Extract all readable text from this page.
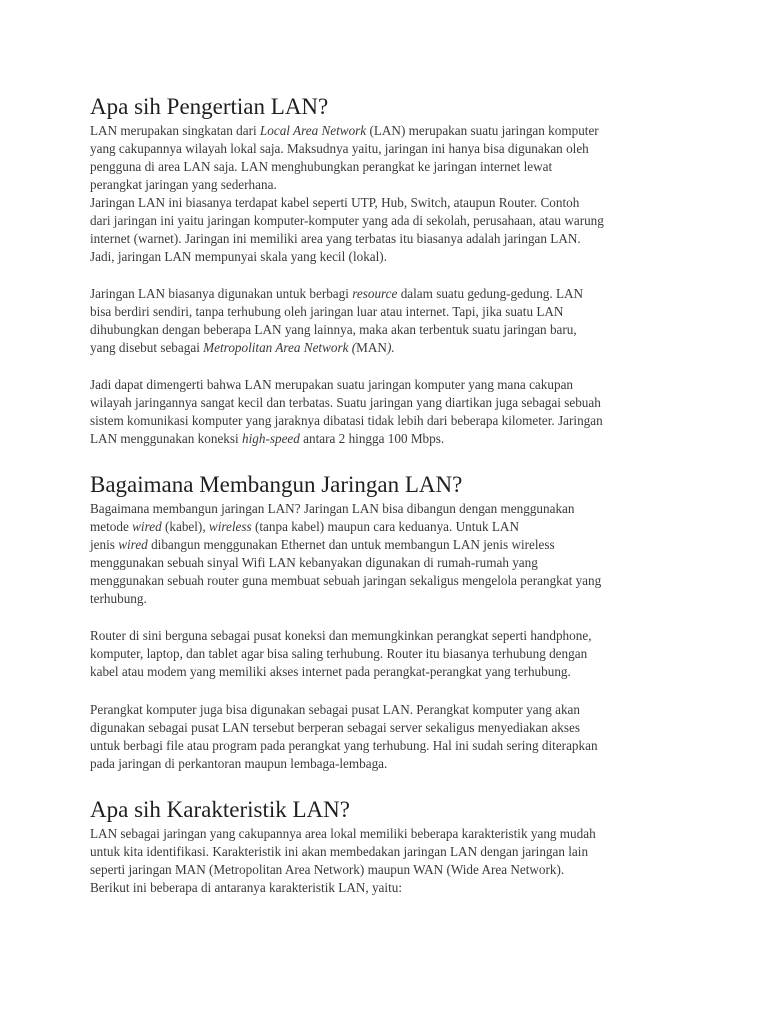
Apa sih Pengertian LAN?

LAN merupakan singkatan dari Local Area Network (LAN) merupakan suatu jaringan komputer
yang cakupannya wilayah lokal saja. Maksudnya yaitu, jaringan ini hanya bisa digunakan oleh
pengguna di area LAN saja. LAN menghubungkan perangkat ke jaringan internet lewat
perangkat jaringan yang sederhana.
Jaringan LAN ini biasanya terdapat kabel seperti UTP, Hub, Switch, ataupun Router. Contoh
dari jaringan ini yaitu jaringan komputer-komputer yang ada di sekolah, perusahaan, atau warung
internet (warnet). Jaringan ini memiliki area yang terbatas itu biasanya adalah jaringan LAN.
Jadi, jaringan LAN mempunyai skala yang kecil (lokal).

Jaringan LAN biasanya digunakan untuk berbagi resource dalam suatu gedung-gedung. LAN
bisa berdiri sendiri, tanpa terhubung oleh jaringan luar atau internet. Tapi, jika suatu LAN
dihubungkan dengan beberapa LAN yang lainnya, maka akan terbentuk suatu jaringan baru,
yang disebut sebagai Metropolitan Area Network (MAN).

Jadi dapat dimengerti bahwa LAN merupakan suatu jaringan komputer yang mana cakupan
wilayah jaringannya sangat kecil dan terbatas. Suatu jaringan yang diartikan juga sebagai sebuah
sistem komunikasi komputer yang jaraknya dibatasi tidak lebih dari beberapa kilometer. Jaringan
LAN menggunakan koneksi high-speed antara 2 hingga 100 Mbps.

Bagaimana Membangun Jaringan LAN?

Bagaimana membangun jaringan LAN? Jaringan LAN bisa dibangun dengan menggunakan
metode wired (kabel), wireless (tanpa kabel) maupun cara keduanya. Untuk LAN
jenis wired dibangun menggunakan Ethernet dan untuk membangun LAN jenis wireless
menggunakan sebuah sinyal Wifi LAN kebanyakan digunakan di rumah-rumah yang
menggunakan sebuah router guna membuat sebuah jaringan sekaligus mengelola perangkat yang
terhubung.

Router di sini berguna sebagai pusat koneksi dan memungkinkan perangkat seperti handphone,
komputer, laptop, dan tablet agar bisa saling terhubung. Router itu biasanya terhubung dengan
kabel atau modem yang memiliki akses internet pada perangkat-perangkat yang terhubung.

Perangkat komputer juga bisa digunakan sebagai pusat LAN. Perangkat komputer yang akan
digunakan sebagai pusat LAN tersebut berperan sebagai server sekaligus menyediakan akses
untuk berbagi file atau program pada perangkat yang terhubung. Hal ini sudah sering diterapkan
pada jaringan di perkantoran maupun lembaga-lembaga.

Apa sih Karakteristik LAN?

LAN sebagai jaringan yang cakupannya area lokal memiliki beberapa karakteristik yang mudah
untuk kita identifikasi. Karakteristik ini akan membedakan jaringan LAN dengan jaringan lain
seperti jaringan MAN (Metropolitan Area Network) maupun WAN (Wide Area Network).
Berikut ini beberapa di antaranya karakteristik LAN, yaitu:
